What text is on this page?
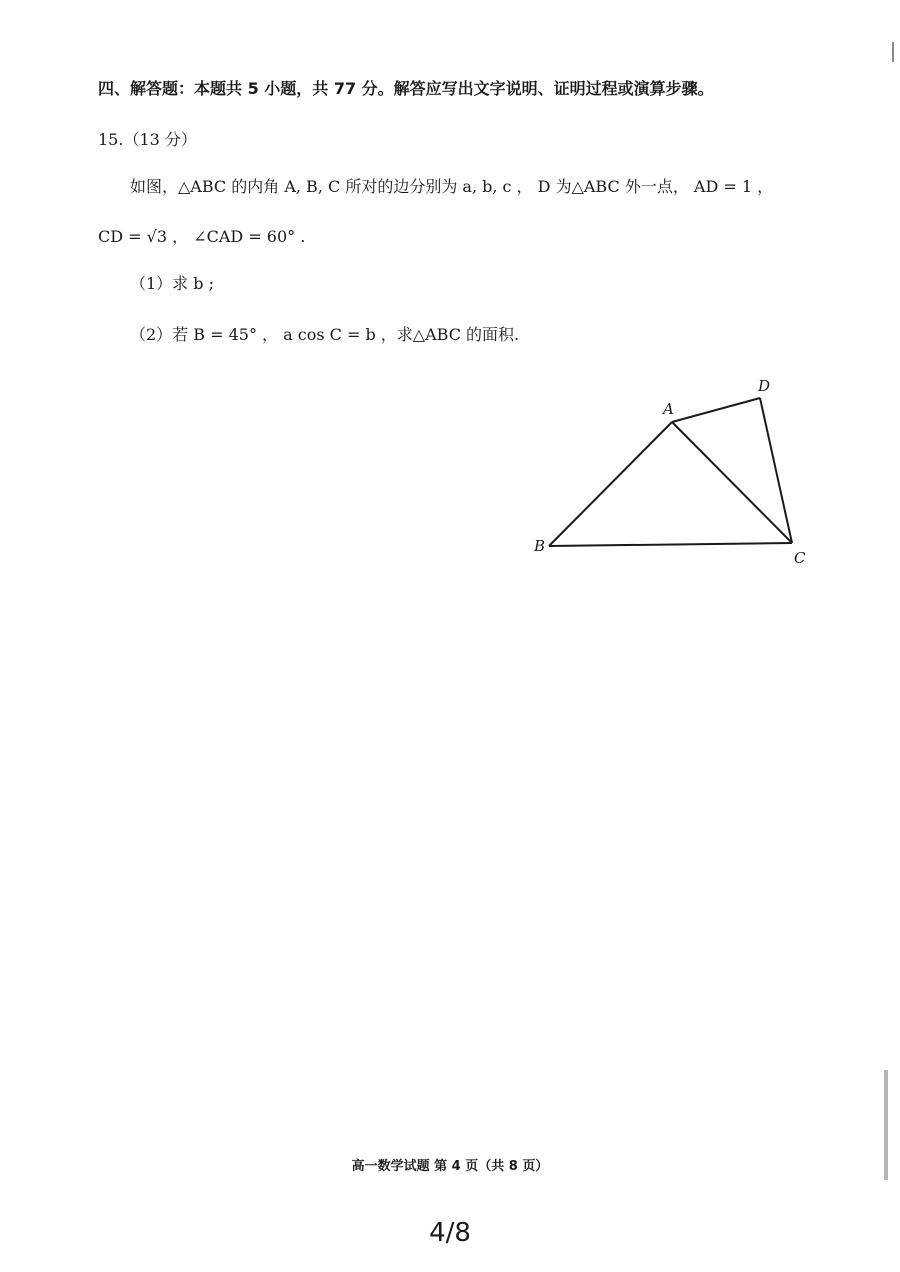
四、解答题：本题共 5 小题，共 77 分。解答应写出文字说明、证明过程或演算步骤。
15.（13 分）
如图，△ABC 的内角 A, B, C 所对的边分别为 a, b, c ， D 为△ABC 外一点， AD = 1 ，
CD = √3 ， ∠CAD = 60° .
（1）求 b ;
（2）若 B = 45° ， a cos C = b ，求△ABC 的面积.
A
B
C
D
高一数学试题 第 4 页（共 8 页）
4/8
